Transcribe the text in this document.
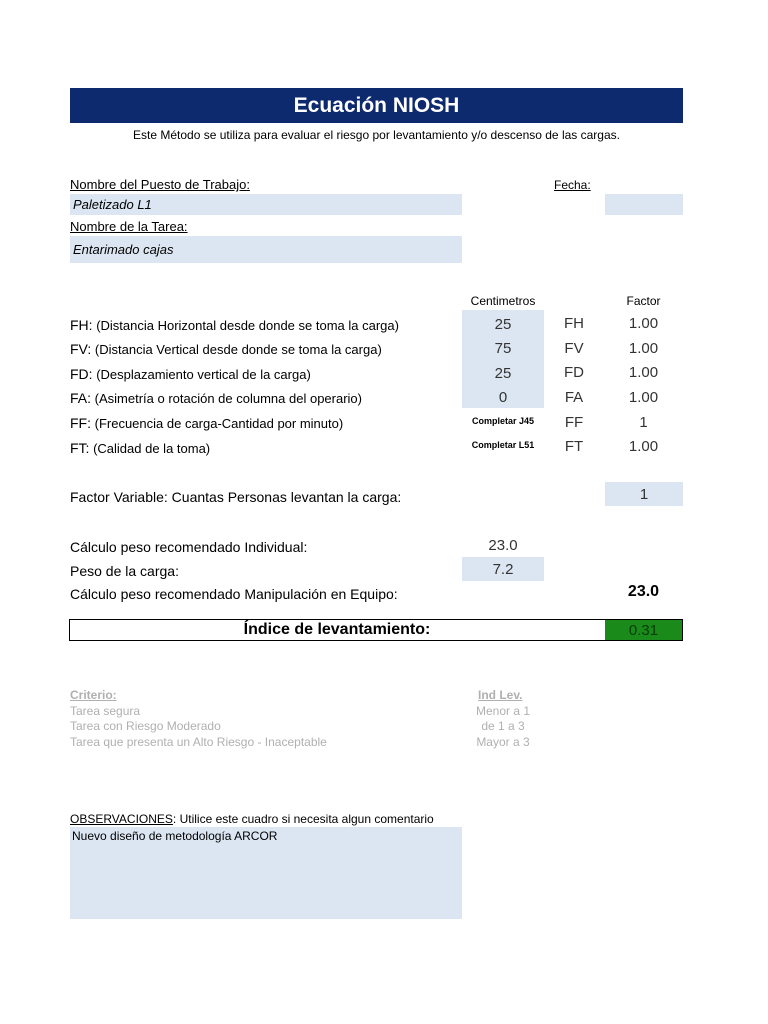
Ecuación NIOSH
Este Método se utiliza para evaluar el riesgo por levantamiento y/o descenso de las cargas.
Nombre del Puesto de Trabajo:	Fecha:
Paletizado L1
Nombre de la Tarea:
Entarimado cajas
Centimetros	Factor
FH: (Distancia Horizontal desde donde se toma la carga)	25	FH	1.00
FV: (Distancia Vertical desde donde se toma la carga)	75	FV	1.00
FD: (Desplazamiento vertical de la carga)	25	FD	1.00
FA: (Asimetría o rotación de columna del operario)	0	FA	1.00
FF: (Frecuencia de carga-Cantidad por minuto)	Completar J45	FF	1
FT: (Calidad de la toma)	Completar L51	FT	1.00
Factor Variable: Cuantas Personas levantan la carga:	1
Cálculo peso recomendado Individual:	23.0
Peso de la carga:	7.2
Cálculo peso recomendado Manipulación en Equipo:	23.0
Índice de levantamiento:	0.31
Criterio:	Ind Lev.
Tarea segura	Menor a 1
Tarea con Riesgo Moderado	de 1 a 3
Tarea que presenta un Alto Riesgo - Inaceptable	Mayor a 3
OBSERVACIONES: Utilice este cuadro si necesita algun comentario
Nuevo diseño de metodología ARCOR
